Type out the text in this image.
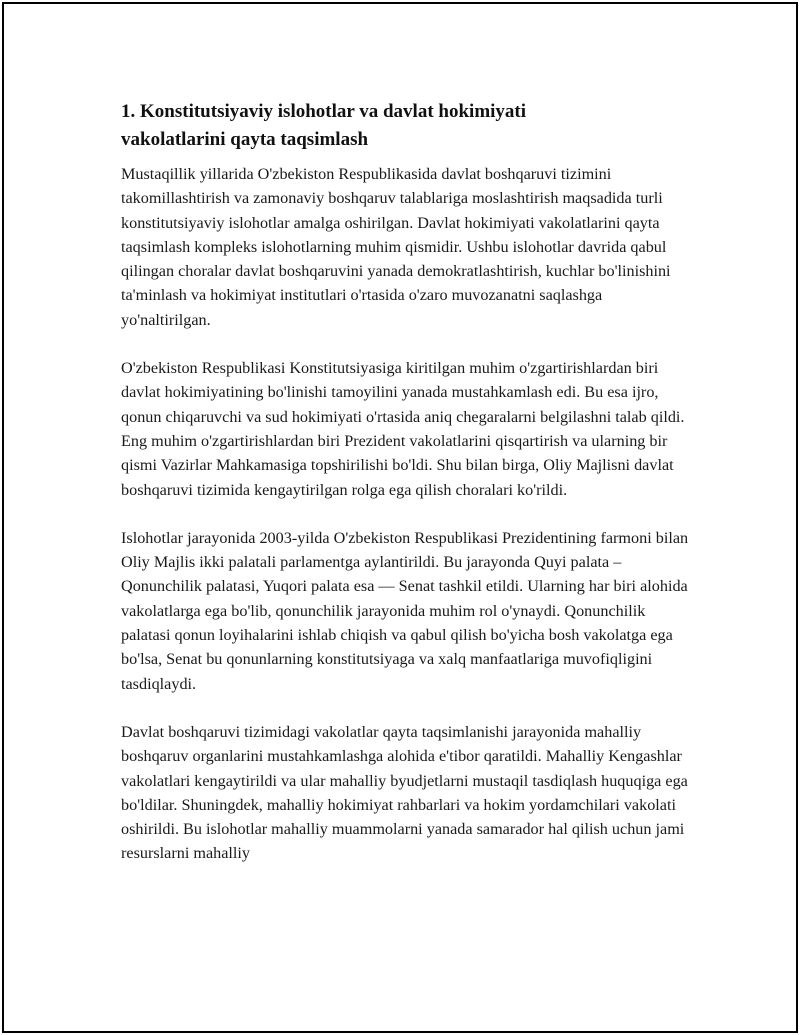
1. Konstitutsiyaviy islohotlar va davlat hokimiyati
vakolatlarini qayta taqsimlash

Mustaqillik yillarida O'zbekiston Respublikasida davlat boshqaruvi tizimini takomillashtirish va zamonaviy boshqaruv talablariga moslashtirish maqsadida turli konstitutsiyaviy islohotlar amalga oshirilgan. Davlat hokimiyati vakolatlarini qayta taqsimlash kompleks islohotlarning muhim qismidir. Ushbu islohotlar davrida qabul qilingan choralar davlat boshqaruvini yanada demokratlashtirish, kuchlar bo'linishini ta'minlash va hokimiyat institutlari o'rtasida o'zaro muvozanatni saqlashga yo'naltirilgan.

O'zbekiston Respublikasi Konstitutsiyasiga kiritilgan muhim o'zgartirishlardan biri davlat hokimiyatining bo'linishi tamoyilini yanada mustahkamlash edi. Bu esa ijro, qonun chiqaruvchi va sud hokimiyati o'rtasida aniq chegaralarni belgilashni talab qildi. Eng muhim o'zgartirishlardan biri Prezident vakolatlarini qisqartirish va ularning bir qismi Vazirlar Mahkamasiga topshirilishi bo'ldi. Shu bilan birga, Oliy Majlisni davlat boshqaruvi tizimida kengaytirilgan rolga ega qilish choralari ko'rildi.

Islohotlar jarayonida 2003-yilda O'zbekiston Respublikasi Prezidentining farmoni bilan Oliy Majlis ikki palatali parlamentga aylantirildi. Bu jarayonda Quyi palata – Qonunchilik palatasi, Yuqori palata esa — Senat tashkil etildi. Ularning har biri alohida vakolatlarga ega bo'lib, qonunchilik jarayonida muhim rol o'ynaydi. Qonunchilik palatasi qonun loyihalarini ishlab chiqish va qabul qilish bo'yicha bosh vakolatga ega bo'lsa, Senat bu qonunlarning konstitutsiyaga va xalq manfaatlariga muvofiqligini tasdiqlaydi.

Davlat boshqaruvi tizimidagi vakolatlar qayta taqsimlanishi jarayonida mahalliy boshqaruv organlarini mustahkamlashga alohida e'tibor qaratildi. Mahalliy Kengashlar vakolatlari kengaytirildi va ular mahalliy byudjetlarni mustaqil tasdiqlash huquqiga ega bo'ldilar. Shuningdek, mahalliy hokimiyat rahbarlari va hokim yordamchilari vakolati oshirildi. Bu islohotlar mahalliy muammolarni yanada samarador hal qilish uchun jami resurslarni mahalliy
